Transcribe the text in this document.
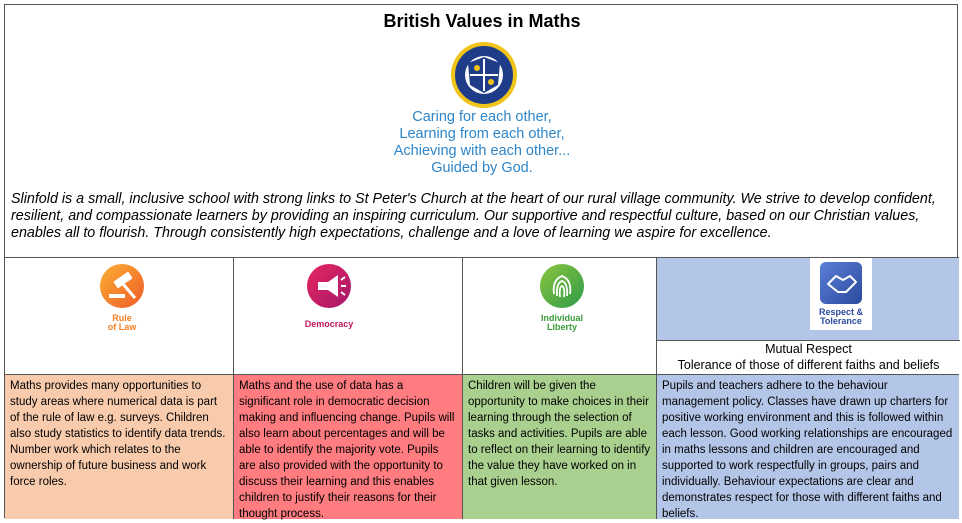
British Values in Maths
Caring for each other,
Learning from each other,
Achieving with each other...
Guided by God.
Slinfold is a small, inclusive school with strong links to St Peter's Church at the heart of our rural village community. We strive to develop confident, resilient, and compassionate learners by providing an inspiring curriculum. Our supportive and respectful culture, based on our Christian values, enables all to flourish. Through consistently high expectations, challenge and a love of learning we aspire for excellence.
Rule
of Law	Democracy
Individual
Liberty
Respect &
Tolerance
Mutual Respect
Tolerance of those of different faiths and beliefs
Maths provides many opportunities to study areas where numerical data is part of the rule of law e.g. surveys. Children also study statistics to identify data trends. Number work which relates to the ownership of future business and work force roles.
Maths and the use of data has a significant role in democratic decision making and influencing change. Pupils will also learn about percentages and will be able to identify the majority vote. Pupils are also provided with the opportunity to discuss their learning and this enables children to justify their reasons for their thought process.
Children will be given the opportunity to make choices in their learning through the selection of tasks and activities. Pupils are able to reflect on their learning to identify the value they have worked on in that given lesson.
Pupils and teachers adhere to the behaviour management policy. Classes have drawn up charters for positive working environment and this is followed within each lesson. Good working relationships are encouraged in maths lessons and children are encouraged and supported to work respectfully in groups, pairs and individually. Behaviour expectations are clear and demonstrates respect for those with different faiths and beliefs.
